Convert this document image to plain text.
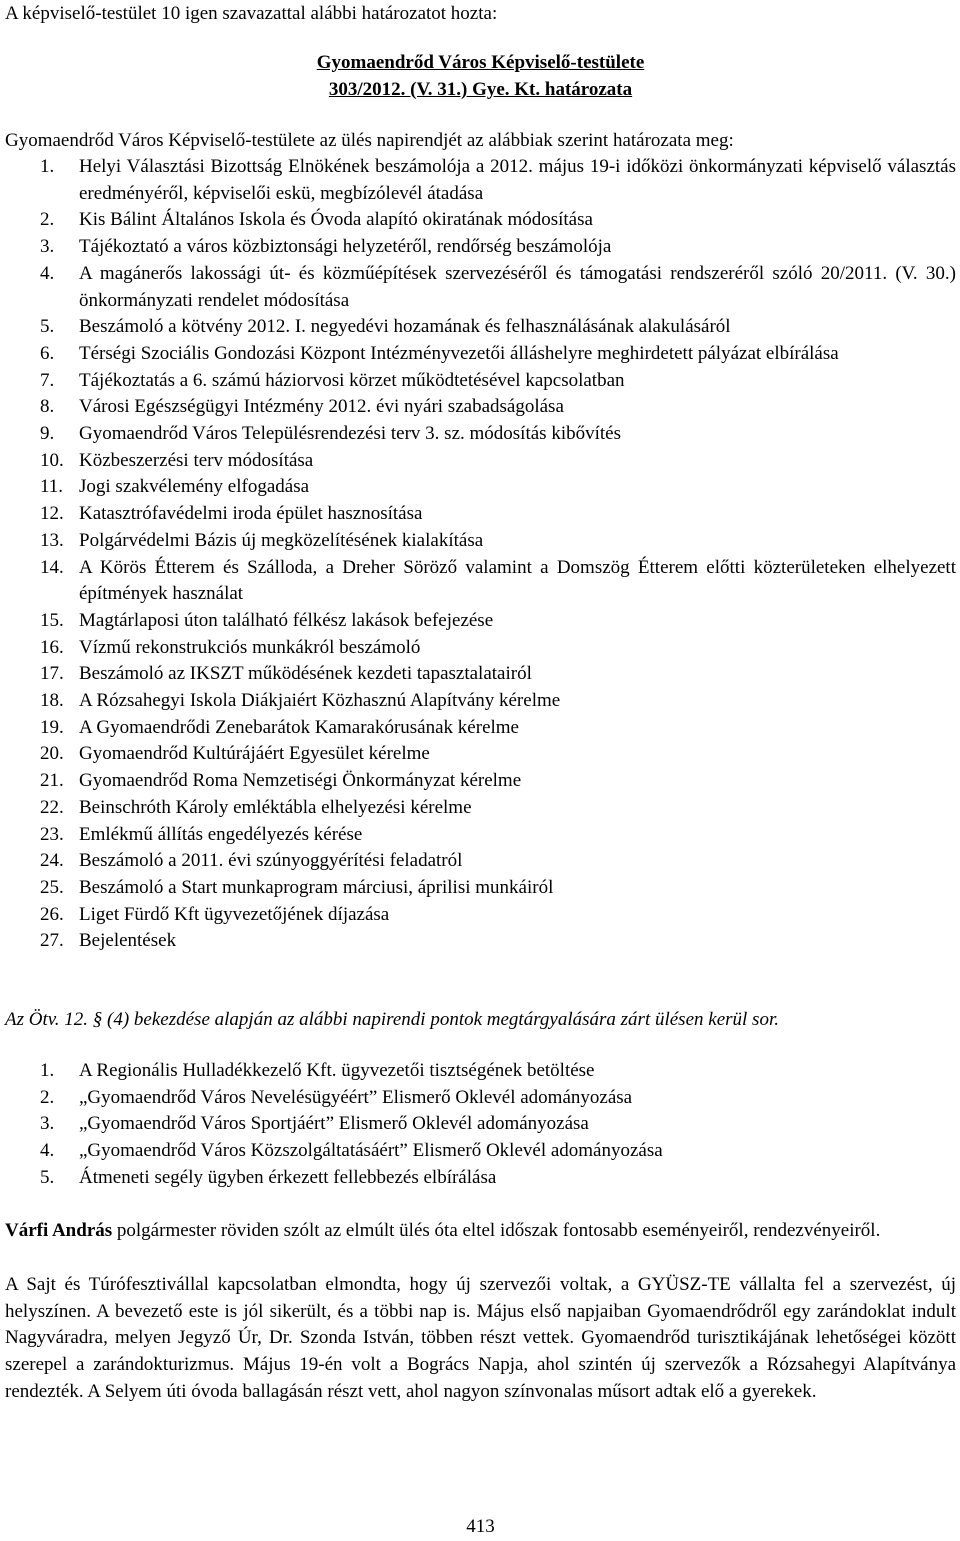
A képviselő-testület 10 igen szavazattal alábbi határozatot hozta:
Gyomaendrőd Város Képviselő-testülete
303/2012. (V. 31.) Gye. Kt. határozata
Gyomaendrőd Város Képviselő-testülete az ülés napirendjét az alábbiak szerint határozata meg:
1. Helyi Választási Bizottság Elnökének beszámolója a 2012. május 19-i időközi önkormányzati képviselő választás eredményéről, képviselői eskü, megbízólevél átadása
2. Kis Bálint Általános Iskola és Óvoda alapító okiratának módosítása
3. Tájékoztató a város közbiztonsági helyzetéről, rendőrség beszámolója
4. A magánerős lakossági út- és közműépítések szervezéséről és támogatási rendszeréről szóló 20/2011. (V. 30.) önkormányzati rendelet módosítása
5. Beszámoló a kötvény 2012. I. negyedévi hozamának és felhasználásának alakulásáról
6. Térségi Szociális Gondozási Központ Intézményvezetői álláshelyre meghirdetett pályázat elbírálása
7. Tájékoztatás a 6. számú háziorvosi körzet működtetésével kapcsolatban
8. Városi Egészségügyi Intézmény 2012. évi nyári szabadságolása
9. Gyomaendrőd Város Településrendezési terv 3. sz. módosítás kibővítés
10. Közbeszerzési terv módosítása
11. Jogi szakvélemény elfogadása
12. Katasztrófavédelmi iroda épület hasznosítása
13. Polgárvédelmi Bázis új megközelítésének kialakítása
14. A Körös Étterem és Szálloda, a Dreher Söröző valamint a Domszög Étterem előtti közterületeken elhelyezett építmények használat
15. Magtárlaposi úton található félkész lakások befejezése
16. Vízmű rekonstrukciós munkákról beszámoló
17. Beszámoló az IKSZT működésének kezdeti tapasztalatairól
18. A Rózsahegyi Iskola Diákjaiért Közhasznú Alapítvány kérelme
19. A Gyomaendrődi Zenebarátok Kamarakórusának kérelme
20. Gyomaendrőd Kultúrájáért Egyesület kérelme
21. Gyomaendrőd Roma Nemzetiségi Önkormányzat kérelme
22. Beinschróth Károly emléktábla elhelyezési kérelme
23. Emlékmű állítás engedélyezés kérése
24. Beszámoló a 2011. évi szúnyoggyérítési feladatról
25. Beszámoló a Start munkaprogram márciusi, áprilisi munkáiról
26. Liget Fürdő Kft ügyvezetőjének díjazása
27. Bejelentések
Az Ötv. 12. § (4) bekezdése alapján az alábbi napirendi pontok megtárgyalására zárt ülésen kerül sor.
1. A Regionális Hulladékkezelő Kft. ügyvezetői tisztségének betöltése
2. „Gyomaendrőd Város Nevelésügyéért” Elismerő Oklevél adományozása
3. „Gyomaendrőd Város Sportjáért” Elismerő Oklevél adományozása
4. „Gyomaendrőd Város Közszolgáltatásáért” Elismerő Oklevél adományozása
5. Átmeneti segély ügyben érkezett fellebbezés elbírálása
Várfi András polgármester röviden szólt az elmúlt ülés óta eltel időszak fontosabb eseményeiről, rendezvényeiről.
A Sajt és Túrófesztivállal kapcsolatban elmondta, hogy új szervezői voltak, a GYÜSZ-TE vállalta fel a szervezést, új helyszínen. A bevezető este is jól sikerült, és a többi nap is. Május első napjaiban Gyomaendrődről egy zarándoklat indult Nagyváradra, melyen Jegyző Úr, Dr. Szonda István, többen részt vettek. Gyomaendrőd turisztikájának lehetőségei között szerepel a zarándokturizmus. Május 19-én volt a Bogrács Napja, ahol szintén új szervezők a Rózsahegyi Alapítványa rendezték. A Selyem úti óvoda ballagásán részt vett, ahol nagyon színvonalas műsort adtak elő a gyerekek.
413
